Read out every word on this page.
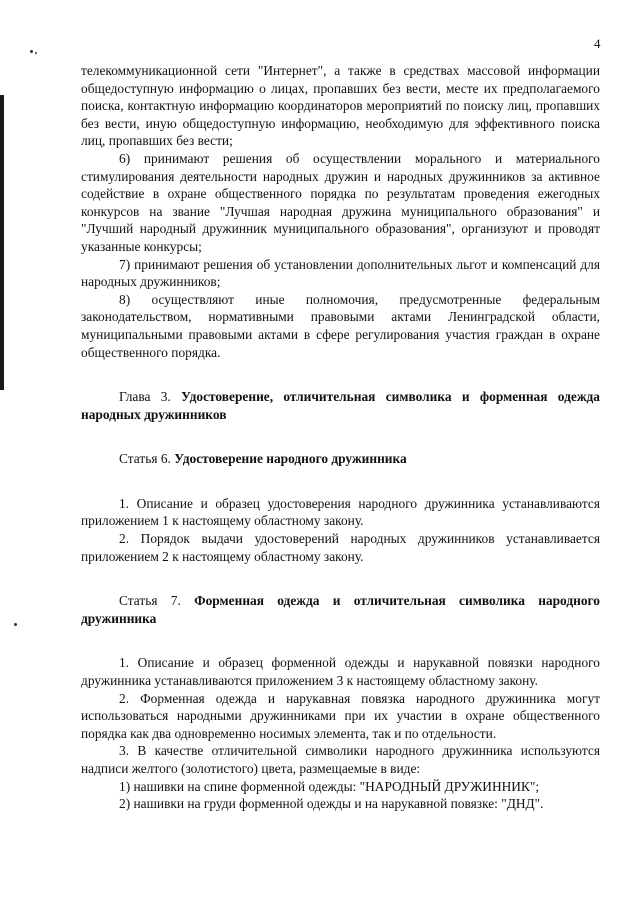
4

телекоммуникационной сети "Интернет", а также в средствах массовой информации общедоступную информацию о лицах, пропавших без вести, месте их предполагаемого поиска, контактную информацию координаторов мероприятий по поиску лиц, пропавших без вести, иную общедоступную информацию, необходимую для эффективного поиска лиц, пропавших без вести;

6) принимают решения об осуществлении морального и материального стимулирования деятельности народных дружин и народных дружинников за активное содействие в охране общественного порядка по результатам проведения ежегодных конкурсов на звание "Лучшая народная дружина муниципального образования" и "Лучший народный дружинник муниципального образования", организуют и проводят указанные конкурсы;

7) принимают решения об установлении дополнительных льгот и компенсаций для народных дружинников;

8) осуществляют иные полномочия, предусмотренные федеральным законодательством, нормативными правовыми актами Ленинградской области, муниципальными правовыми актами в сфере регулирования участия граждан в охране общественного порядка.

Глава 3. Удостоверение, отличительная символика и форменная одежда народных дружинников

Статья 6. Удостоверение народного дружинника

1. Описание и образец удостоверения народного дружинника устанавливаются приложением 1 к настоящему областному закону.

2. Порядок выдачи удостоверений народных дружинников устанавливается приложением 2 к настоящему областному закону.

Статья 7. Форменная одежда и отличительная символика народного дружинника

1. Описание и образец форменной одежды и нарукавной повязки народного дружинника устанавливаются приложением 3 к настоящему областному закону.

2. Форменная одежда и нарукавная повязка народного дружинника могут использоваться народными дружинниками при их участии в охране общественного порядка как два одновременно носимых элемента, так и по отдельности.

3. В качестве отличительной символики народного дружинника используются надписи желтого (золотистого) цвета, размещаемые в виде:

1) нашивки на спине форменной одежды: "НАРОДНЫЙ ДРУЖИННИК";

2) нашивки на груди форменной одежды и на нарукавной повязке: "ДНД".
